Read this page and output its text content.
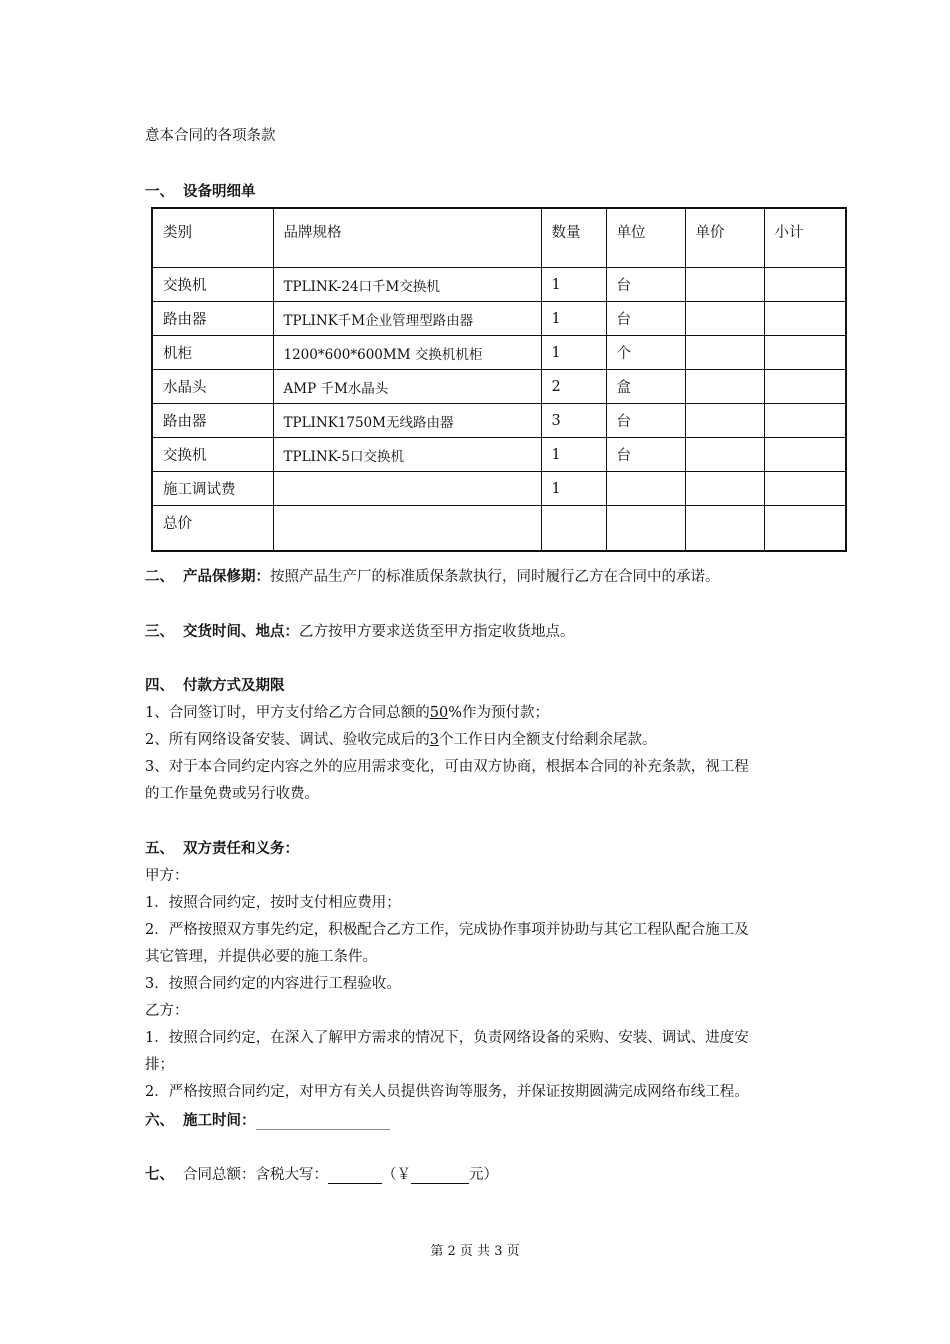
意本合同的各项条款
一、 设备明细单
类别	品牌规格	数量	单位	单价	小计
交换机	TPLINK-24口千M交换机	1	台		
路由器	TPLINK千M企业管理型路由器	1	台		
机柜	1200*600*600MM 交换机机柜	1	个		
水晶头	AMP 千M水晶头	2	盒		
路由器	TPLINK1750M无线路由器	3	台		
交换机	TPLINK-5口交换机	1	台		
施工调试费		1			
总价					
二、 产品保修期：按照产品生产厂的标准质保条款执行，同时履行乙方在合同中的承诺。
三、 交货时间、地点：乙方按甲方要求送货至甲方指定收货地点。
四、 付款方式及期限
1、合同签订时，甲方支付给乙方合同总额的50%作为预付款；
2、所有网络设备安装、调试、验收完成后的3个工作日内全额支付给剩余尾款。
3、对于本合同约定内容之外的应用需求变化，可由双方协商，根据本合同的补充条款，视工程
的工作量免费或另行收费。
五、 双方责任和义务：
甲方：
1．按照合同约定，按时支付相应费用；
2．严格按照双方事先约定，积极配合乙方工作，完成协作事项并协助与其它工程队配合施工及
其它管理，并提供必要的施工条件。
3．按照合同约定的内容进行工程验收。
乙方：
1．按照合同约定，在深入了解甲方需求的情况下，负责网络设备的采购、安装、调试、进度安
排；
2．严格按照合同约定，对甲方有关人员提供咨询等服务，并保证按期圆满完成网络布线工程。
六、 施工时间：
七、 合同总额：含税大写：	（￥	元）
第 2 页 共 3 页
